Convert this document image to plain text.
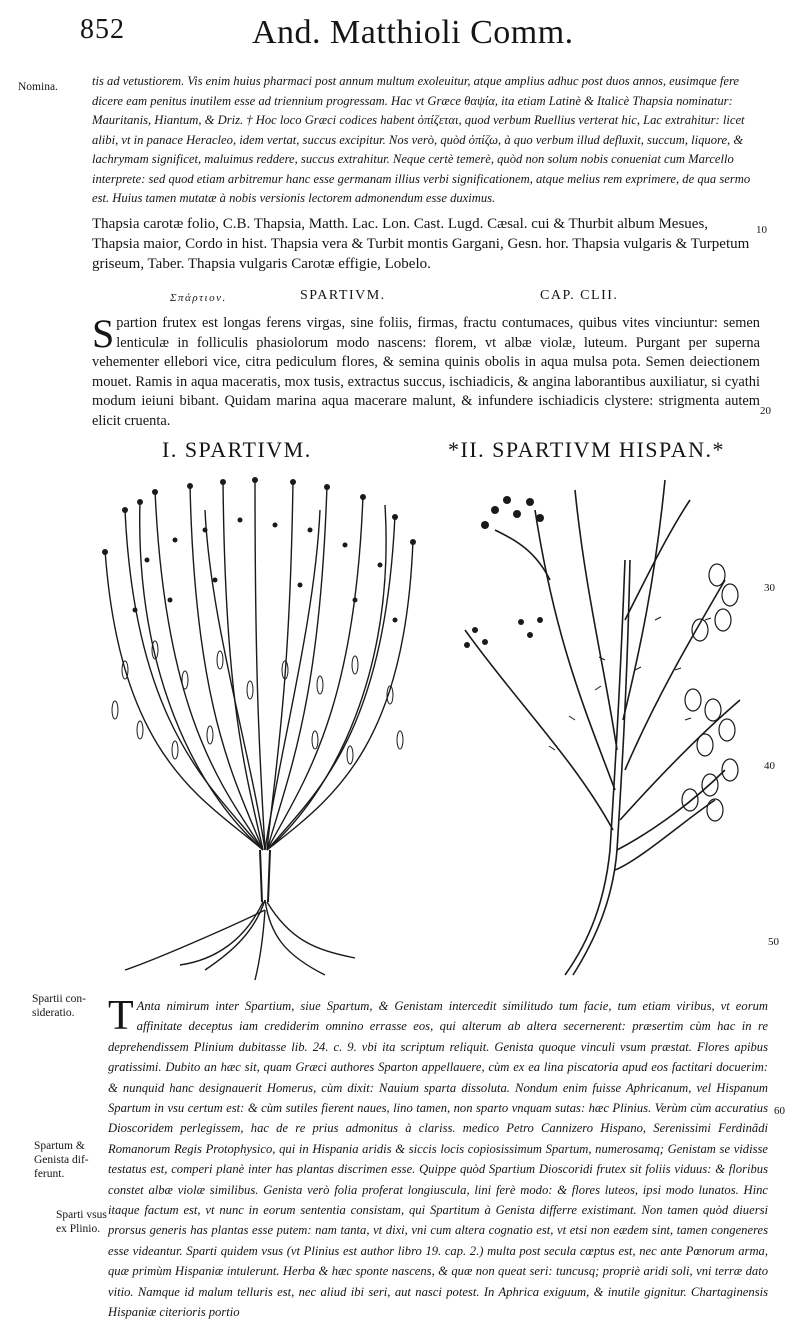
852	And. Matthioli Comm.
Nomina.
10
20
30
40
50
60
Spartii con-
sideratio.
Spartum &
Genista dif-
ferunt.
Sparti vsus
ex Plinio.
tis ad vetustiorem. Vis enim huius pharmaci post annum multum exoleuitur, atque amplius adhuc post duos annos, eusimque fere dicere eam penitus inutilem esse ad triennium progressam. Hac vt Græce θαψία, ita etiam Latinè & Italicè Thapsia nominatur: Mauritanis, Hiantum, & Driz. † Hoc loco Græci codices habent ὀπίζεται, quod verbum Ruellius verterat hic, Lac extrahitur: licet alibi, vt in panace Heracleo, idem vertat, succus excipitur. Nos verò, quòd ὀπίζω, à quo verbum illud defluxit, succum, liquore, & lachrymam significet, maluimus reddere, succus extrahitur. Neque certè temerè, quòd non solum nobis conueniat cum Marcello interprete: sed quod etiam arbitremur hanc esse germanam illius verbi significationem, atque melius rem exprimere, de qua sermo est. Huius tamen mutatæ à nobis versionis lectorem admonendum esse duximus.
Thapsia carotæ folio, C.B. Thapsia, Matth. Lac. Lon. Cast. Lugd. Cæsal. cui & Thurbit album Mesues, Thapsia maior, Cordo in hist. Thapsia vera & Turbit montis Gargani, Gesn. hor. Thapsia vulgaris & Turpetum griseum, Taber. Thapsia vulgaris Carotæ effigie, Lobelo.
Σπάρτιον.	SPARTIVM.	CAP. CLII.
S partion frutex est longas ferens virgas, sine foliis, firmas, fractu contumaces, quibus vites vinciuntur: semen lenticulæ in folliculis phasiolorum modo nascens: florem, vt albæ violæ, luteum. Purgant per superna vehementer ellebori vice, citra pediculum flores, & semina quinis obolis in aqua mulsa pota. Semen deiectionem mouet. Ramis in aqua maceratis, mox tusis, extractus succus, ischiadicis, & angina laborantibus auxiliatur, si cyathi modum ieiuni bibant. Quidam marina aqua macerare malunt, & infundere ischiadicis clystere: strigmenta autem elicit cruenta.
I. SPARTIVM.	*II. SPARTIVM HISPAN.*
T Anta nimirum inter Spartium, siue Spartum, & Genistam intercedit similitudo tum facie, tum etiam viribus, vt eorum affinitate deceptus iam crediderim omnino errasse eos, qui alterum ab altera secernerent: præsertim cùm hac in re deprehendissem Plinium dubitasse lib. 24. c. 9. vbi ita scriptum reliquit. Genista quoque vinculi vsum præstat. Flores apibus gratissimi. Dubito an hæc sit, quam Græci authores Sparton appellauere, cùm ex ea lina piscatoria apud eos factitari docuerim: & nunquid hanc designauerit Homerus, cùm dixit: Nauium sparta dissoluta. Nondum enim fuisse Aphricanum, vel Hispanum Spartum in vsu certum est: & cùm sutiles fierent naues, lino tamen, non sparto vnquam sutas: hæc Plinius. Verùm cùm accuratius Dioscoridem perlegissem, hac de re prius admonitus à clariss. medico Petro Cannizero Hispano, Serenissimi Ferdinãdi Romanorum Regis Protophysico, qui in Hispania aridis & siccis locis copiosissimum Spartum, numerosamq; Genistam se vidisse testatus est, comperi planè inter has plantas discrimen esse. Quippe quòd Spartium Dioscoridi frutex sit foliis viduus: & floribus constet albæ violæ similibus. Genista verò folia proferat longiuscula, lini ferè modo: & flores luteos, ipsi modo lunatos. Hinc itaque factum est, vt nunc in eorum sententia consistam, qui Spartitum à Genista differre existimant. Non tamen quòd diuersi prorsus generis has plantas esse putem: nam tanta, vt dixi, vni cum altera cognatio est, vt etsi non eædem sint, tamen congeneres esse videantur. Sparti quidem vsus (vt Plinius est author libro 19. cap. 2.) multa post secula cœptus est, nec ante Pœnorum arma, quæ primùm Hispaniæ intulerunt. Herba & hæc sponte nascens, & quæ non queat seri: tuncusq; propriè aridi soli, vni terræ dato vitio. Namque id malum telluris est, nec aliud ibi seri, aut nasci potest. In Aphrica exiguum, & inutile gignitur. Chartaginensis Hispaniæ citerioris portio
